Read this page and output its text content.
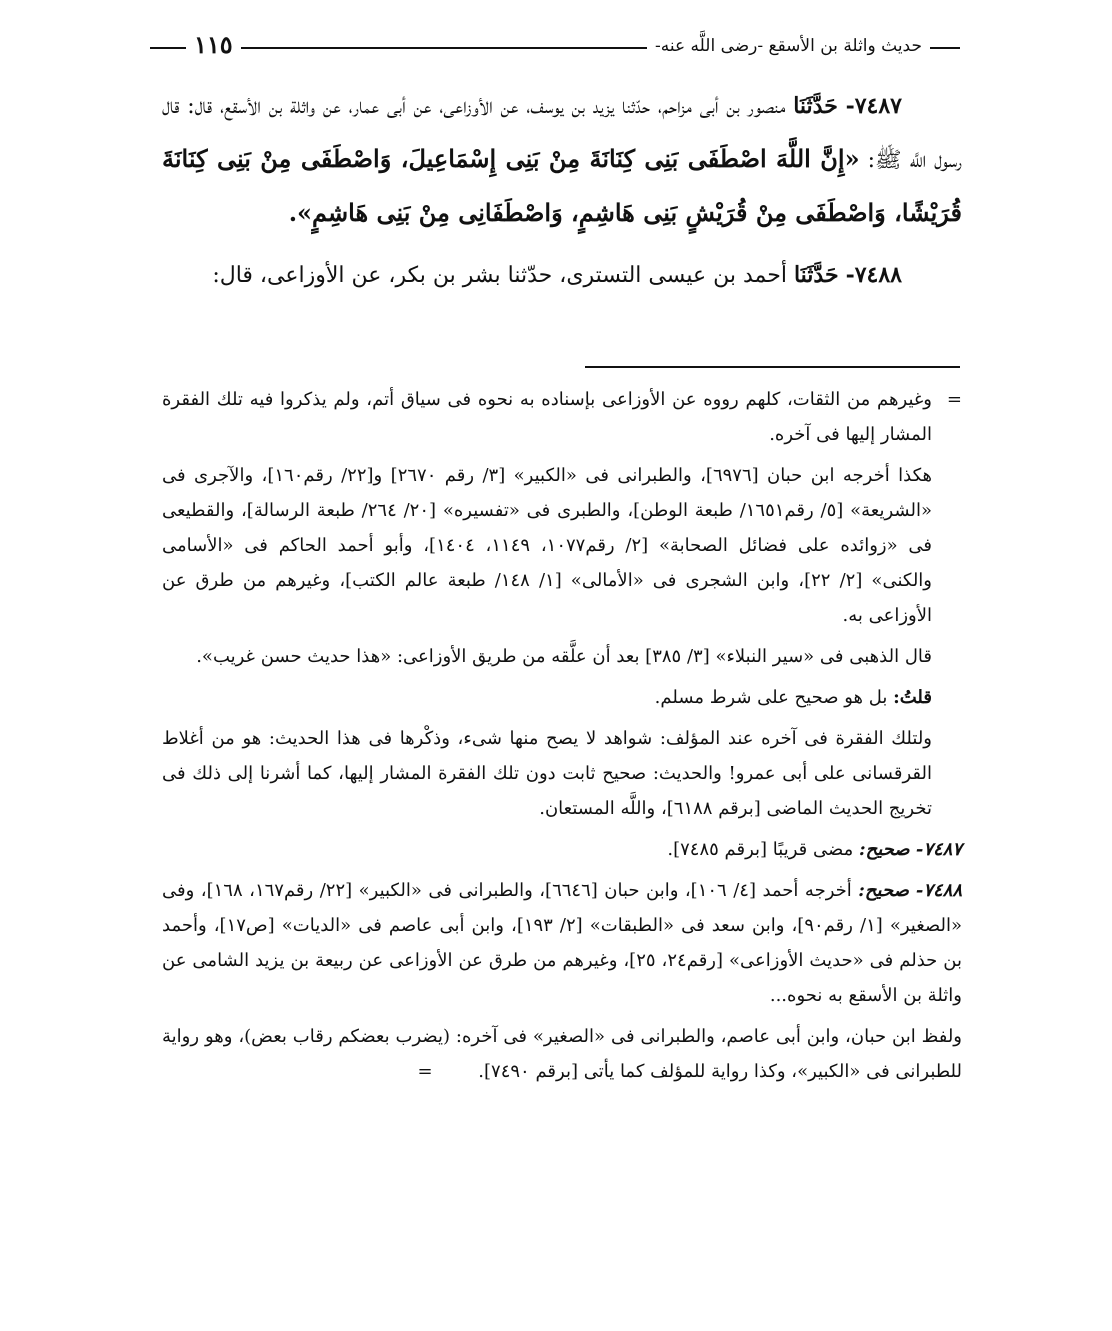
حديث واثلة بن الأسقع -رضى اللَّه عنه-
١١٥

٧٤٨٧- حَدَّثَنَا منصور بن أبى مزاحم، حدّثنا يزيد بن يوسف، عن الأوزاعى، عن أبى عمار، عن واثلة بن الأسقع، قال: قال رسول اللَّه ﷺ: «إِنَّ اللَّهَ اصْطَفَى بَنِى كِنَانَةَ مِنْ بَنِى إِسْمَاعِيلَ، وَاصْطَفَى مِنْ بَنِى كِنَانَةَ قُرَيْشًا، وَاصْطَفَى مِنْ قُرَيْشٍ بَنِى هَاشِمٍ، وَاصْطَفَانِى مِنْ بَنِى هَاشِمٍ».

٧٤٨٨- حَدَّثَنَا أحمد بن عيسى التسترى، حدّثنا بشر بن بكر، عن الأوزاعى، قال:

= وغيرهم من الثقات، كلهم رووه عن الأوزاعى بإسناده به نحوه فى سياق أتم، ولم يذكروا فيه تلك الفقرة المشار إليها فى آخره.

هكذا أخرجه ابن حبان [٦٩٧٦]، والطبرانى فى «الكبير» [٣/ رقم ٢٦٧٠] و[٢٢/ رقم١٦٠]، والآجرى فى «الشريعة» [٥/ رقم١٦٥١/ طبعة الوطن]، والطبرى فى «تفسيره» [٢٠/ ٢٦٤/ طبعة الرسالة]، والقطيعى فى «زوائده على فضائل الصحابة» [٢/ رقم١٠٧٧، ١١٤٩، ١٤٠٤]، وأبو أحمد الحاكم فى «الأسامى والكنى» [٢/ ٢٢]، وابن الشجرى فى «الأمالى» [١/ ١٤٨/ طبعة عالم الكتب]، وغيرهم من طرق عن الأوزاعى به.

قال الذهبى فى «سير النبلاء» [٣/ ٣٨٥] بعد أن علَّقه من طريق الأوزاعى: «هذا حديث حسن غريب».

قلتُ: بل هو صحيح على شرط مسلم.

ولتلك الفقرة فى آخره عند المؤلف: شواهد لا يصح منها شىء، وذكْرها فى هذا الحديث: هو من أغلاط القرقسانى على أبى عمرو! والحديث: صحيح ثابت دون تلك الفقرة المشار إليها، كما أشرنا إلى ذلك فى تخريج الحديث الماضى [برقم ٦١٨٨]، واللَّه المستعان.

٧٤٨٧- صحيح: مضى قريبًا [برقم ٧٤٨٥].

٧٤٨٨- صحيح: أخرجه أحمد [٤/ ١٠٦]، وابن حبان [٦٦٤٦]، والطبرانى فى «الكبير» [٢٢/ رقم١٦٧، ١٦٨]، وفى «الصغير» [١/ رقم٩٠]، وابن سعد فى «الطبقات» [٢/ ١٩٣]، وابن أبى عاصم فى «الديات» [ص١٧]، وأحمد بن حذلم فى «حديث الأوزاعى» [رقم٢٤، ٢٥]، وغيرهم من طرق عن الأوزاعى عن ربيعة بن يزيد الشامى عن واثلة بن الأسقع به نحوه...

ولفظ ابن حبان، وابن أبى عاصم، والطبرانى فى «الصغير» فى آخره: (يضرب بعضكم رقاب بعض)، وهو رواية للطبرانى فى «الكبير»، وكذا رواية للمؤلف كما يأتى [برقم ٧٤٩٠]. =
